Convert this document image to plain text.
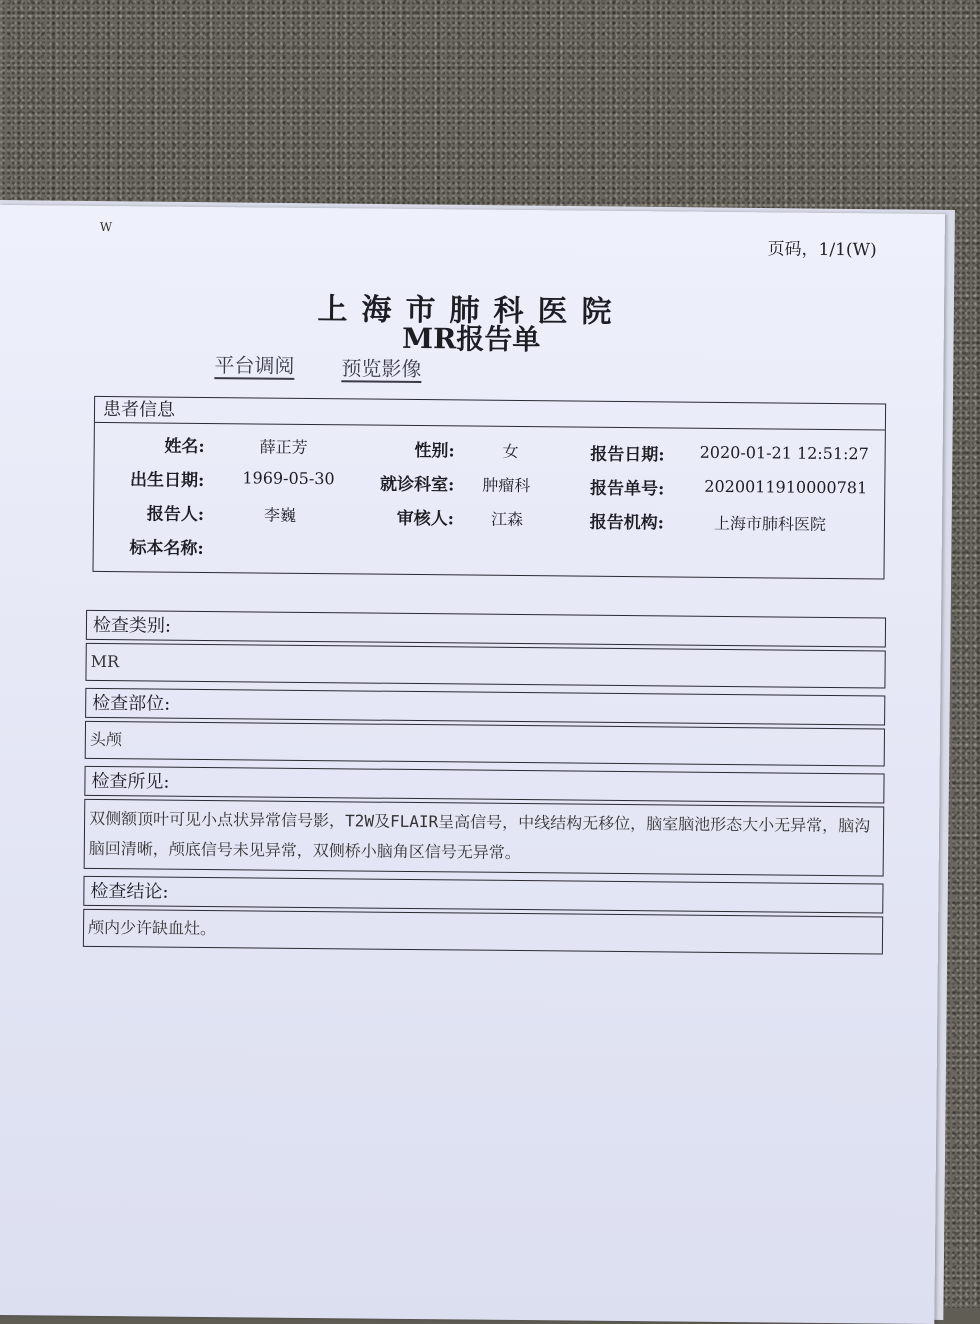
W
页码，1/1(W)
上海市肺科医院
MR报告单
平台调阅 预览影像
患者信息
姓名:	薛正芳	性别:	女	报告日期: 2020-01-21 12:51:27
出生日期: 1969-05-30	就诊科室: 肿瘤科	报告单号: 2020011910000781
报告人:	李巍	审核人: 江森	报告机构:	上海市肺科医院
标本名称:
检查类别:
MR
检查部位:
头颅
检查所见:
双侧额顶叶可见小点状异常信号影，T2W及FLAIR呈高信号，中线结构无移位，脑室脑池形态大小无异常，脑沟脑回清晰，颅底信号未见异常，双侧桥小脑角区信号无异常。
检查结论:
颅内少许缺血灶。
